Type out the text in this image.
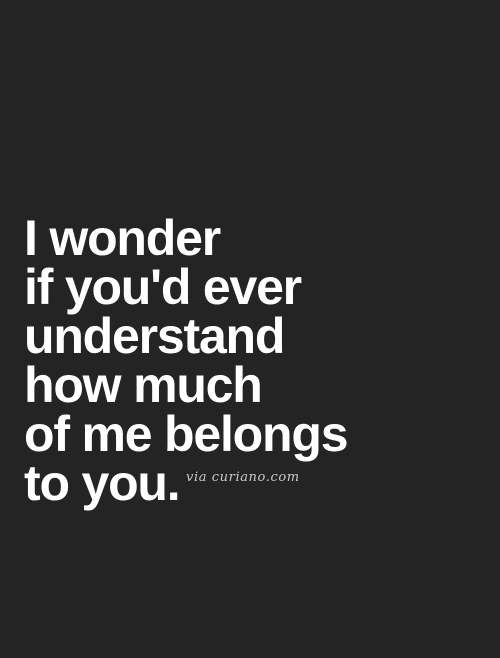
I wonder
if you'd ever
understand
how much
of me belongs
to you. via curiano.com
